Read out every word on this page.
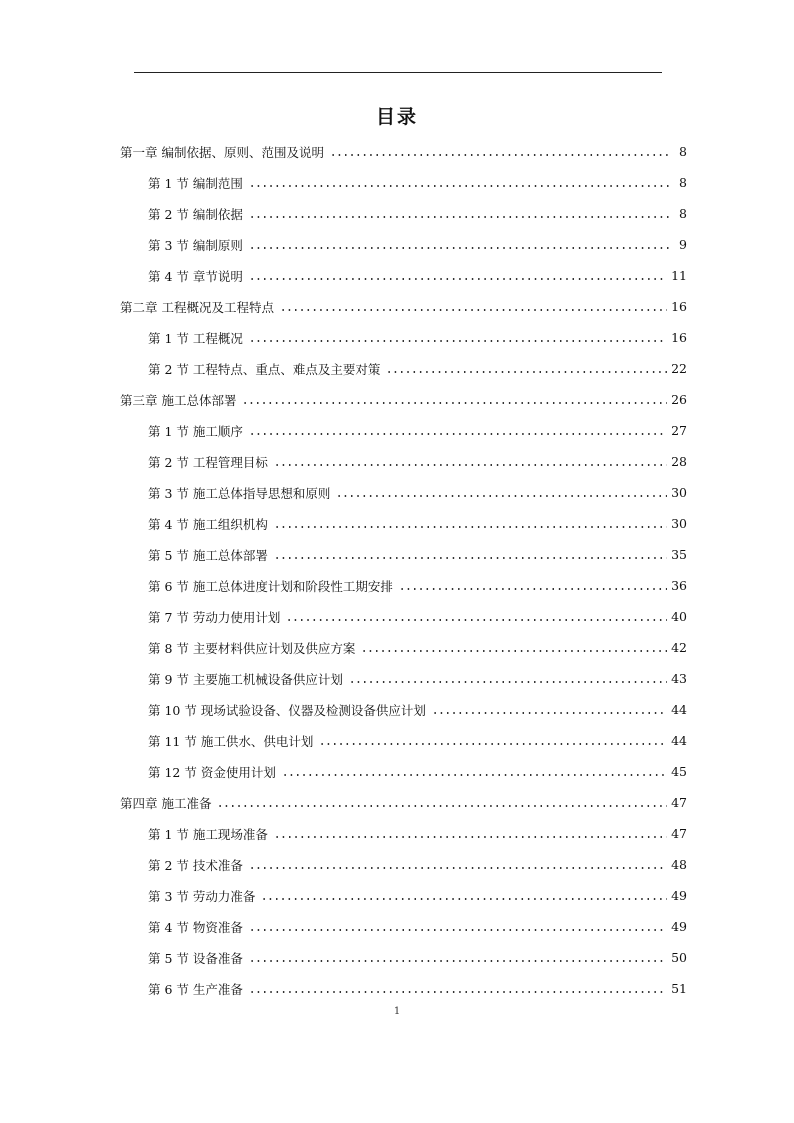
目录
第一章 编制依据、原则、范围及说明	8
第 1 节 编制范围	8
第 2 节 编制依据	8
第 3 节 编制原则	9
第 4 节 章节说明	11
第二章 工程概况及工程特点	16
第 1 节 工程概况	16
第 2 节 工程特点、重点、难点及主要对策	22
第三章 施工总体部署	26
第 1 节 施工顺序	27
第 2 节 工程管理目标	28
第 3 节 施工总体指导思想和原则	30
第 4 节 施工组织机构	30
第 5 节 施工总体部署	35
第 6 节 施工总体进度计划和阶段性工期安排	36
第 7 节 劳动力使用计划	40
第 8 节 主要材料供应计划及供应方案	42
第 9 节 主要施工机械设备供应计划	43
第 10 节 现场试验设备、仪器及检测设备供应计划	44
第 11 节 施工供水、供电计划	44
第 12 节 资金使用计划	45
第四章 施工准备	47
第 1 节 施工现场准备	47
第 2 节 技术准备	48
第 3 节 劳动力准备	49
第 4 节 物资准备	49
第 5 节 设备准备	50
第 6 节 生产准备	51
1
